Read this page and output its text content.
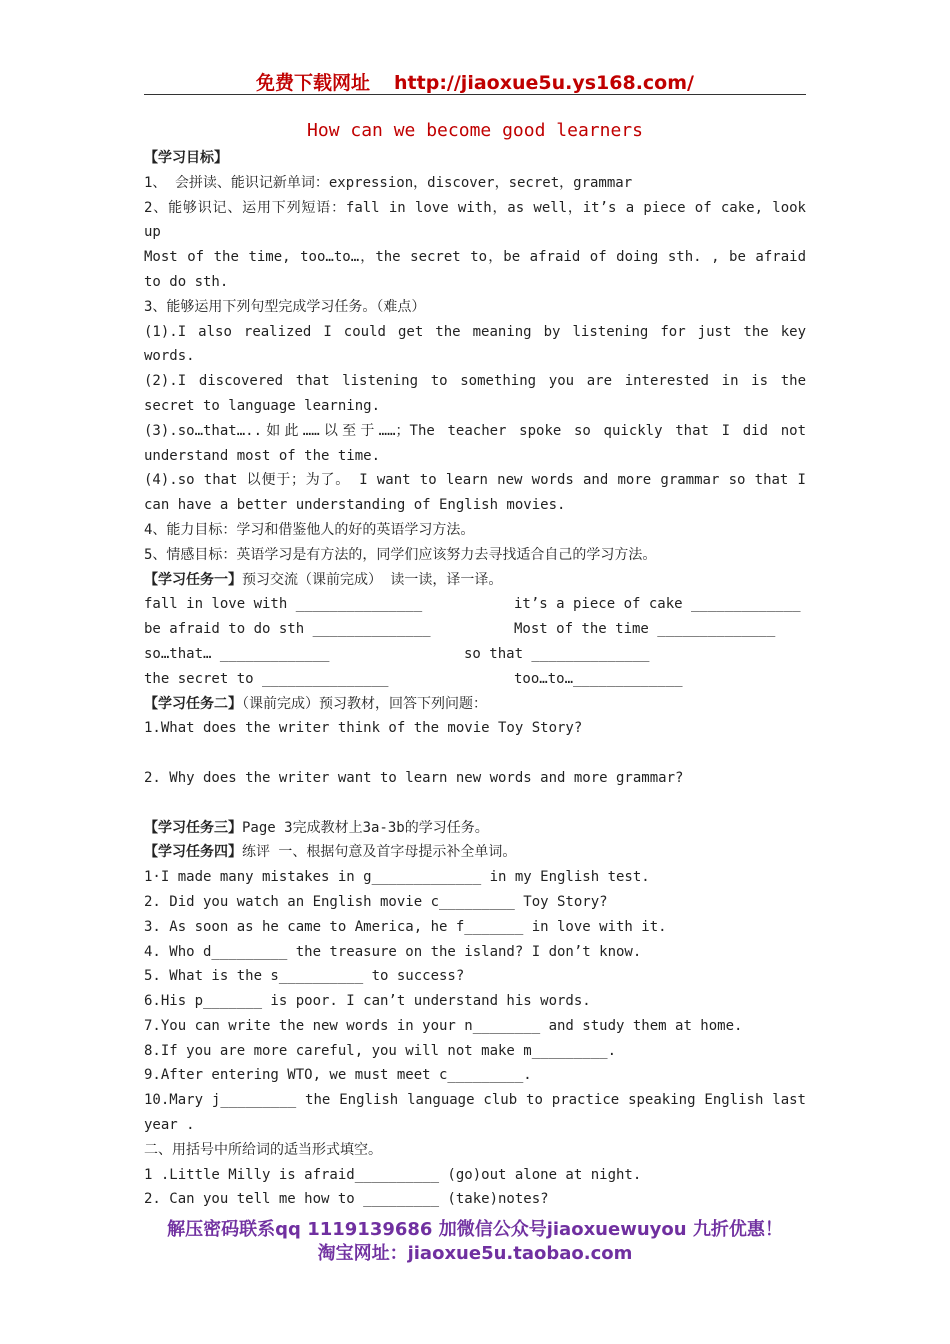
免费下载网址 http://jiaoxue5u.ys168.com/
How can we become good learners
【学习目标】
1、 会拼读、能识记新单词：expression，discover，secret，grammar
2、能够识记、运用下列短语：fall in love with，as well，it’s a piece of cake, look
up
Most of the time, too…to…，the secret to，be afraid of doing sth. , be afraid
to do sth.
3、能够运用下列句型完成学习任务。（难点）
(1).I also realized I could get the meaning by listening for just the key
words.
(2).I discovered that listening to something you are interested in is the
secret to language learning.
(3).so…that…..如此……以至于……；The teacher spoke so quickly that I did not
understand most of the time.
(4).so that 以便于；为了。 I want to learn new words and more grammar so that I
can have a better understanding of English movies.
4、能力目标：学习和借鉴他人的好的英语学习方法。
5、情感目标：英语学习是有方法的，同学们应该努力去寻找适合自己的学习方法。
【学习任务一】预习交流（课前完成） 读一读，译一译。
fall in love with _______________	it’s a piece of cake _____________
be afraid to do sth ______________	Most of the time ______________
so…that… _____________	so that ______________
the secret to _______________	too…to…_____________
【学习任务二】（课前完成）预习教材，回答下列问题：
1.What does the writer think of the movie Toy Story?
2. Why does the writer want to learn new words and more grammar?
【学习任务三】Page 3完成教材上3a-3b的学习任务。
【学习任务四】练评 一、根据句意及首字母提示补全单词。
1·I made many mistakes in g_____________ in my English test.
2. Did you watch an English movie c_________ Toy Story?
3. As soon as he came to America, he f_______ in love with it.
4. Who d_________ the treasure on the island? I don’t know.
5. What is the s__________ to success?
6.His p_______ is poor. I can’t understand his words.
7.You can write the new words in your n________ and study them at home.
8.If you are more careful, you will not make m_________.
9.After entering WTO, we must meet c_________.
10.Mary j_________ the English language club to practice speaking English last
year .
二、用括号中所给词的适当形式填空。
1 .Little Milly is afraid__________ (go)out alone at night.
2. Can you tell me how to _________ (take)notes?
解压密码联系qq 1119139686 加微信公众号jiaoxuewuyou 九折优惠！
淘宝网址：jiaoxue5u.taobao.com
